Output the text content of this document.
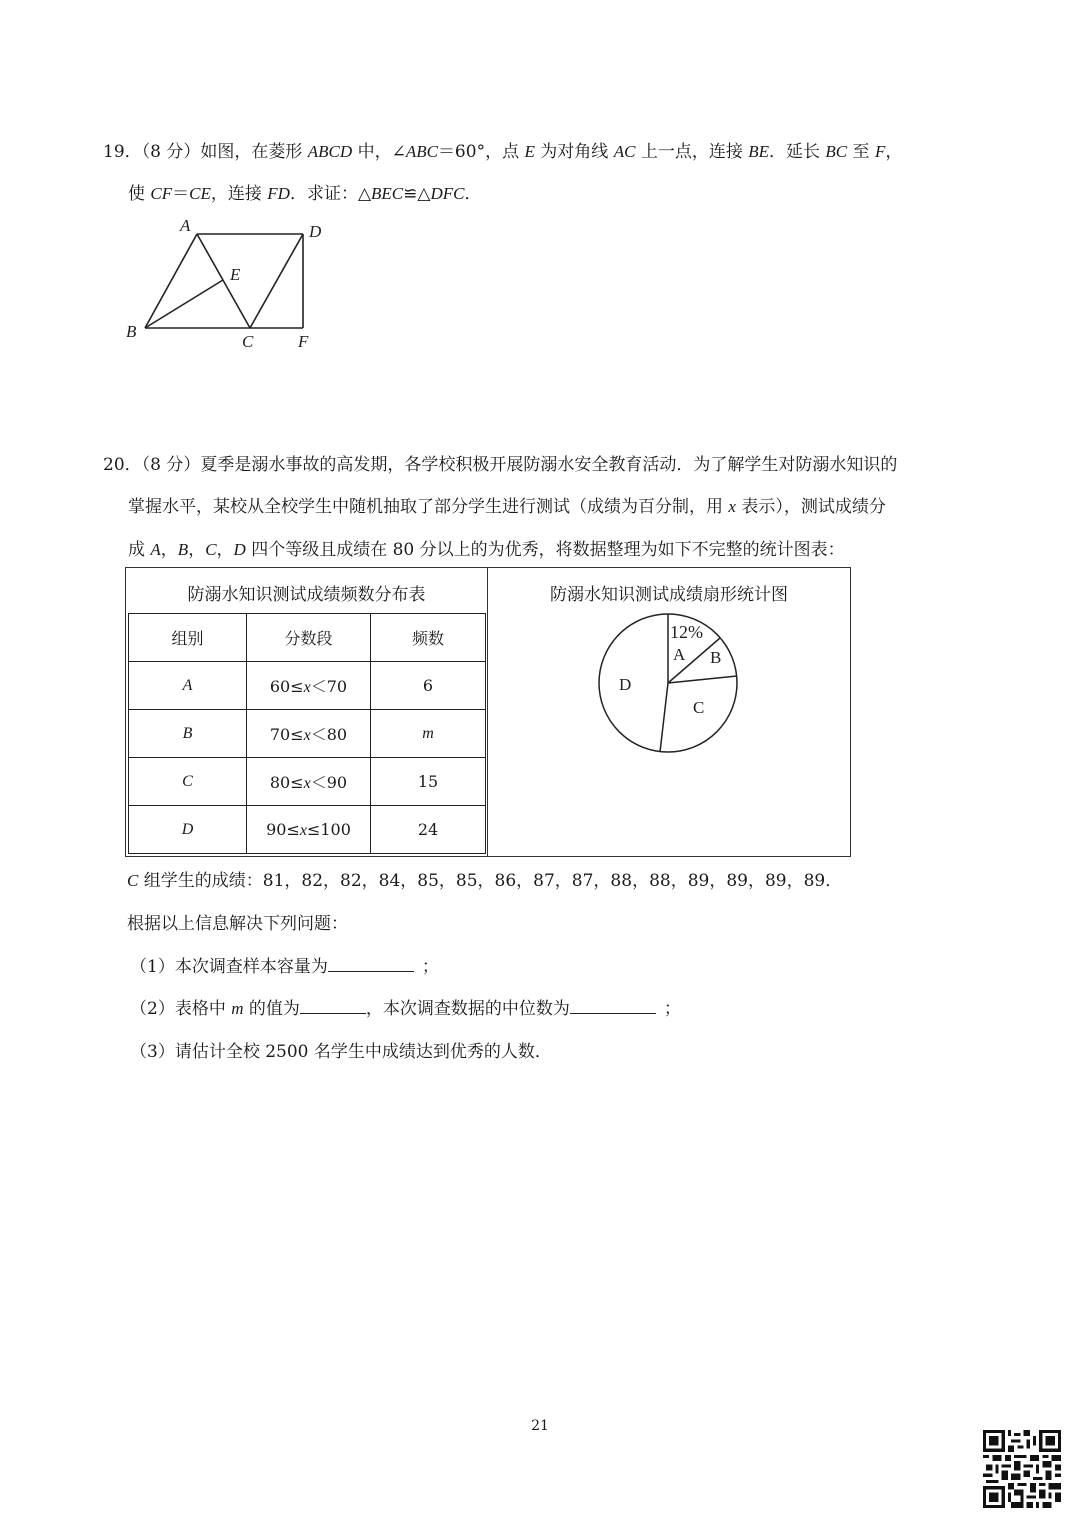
19．（8 分）如图，在菱形 ABCD 中，∠ABC＝60°，点 E 为对角线 AC 上一点，连接 BE．延长 BC 至 F，
使 CF＝CE，连接 FD．求证：△BEC≌△DFC．
A	D
E
B
C	F
20．（8 分）夏季是溺水事故的高发期，各学校积极开展防溺水安全教育活动．为了解学生对防溺水知识的
掌握水平，某校从全校学生中随机抽取了部分学生进行测试（成绩为百分制，用 x 表示），测试成绩分
成 A，B，C，D 四个等级且成绩在 80 分以上的为优秀，将数据整理为如下不完整的统计图表：
防溺水知识测试成绩频数分布表
组别	分数段	频数
A	60≤x＜70	6
B	70≤x＜80	m
C	80≤x＜90	15
D	90≤x≤100	24
防溺水知识测试成绩扇形统计图
12%
A B
C
D
C 组学生的成绩：81，82，82，84，85，85，86，87，87，88，88，89，89，89，89．
根据以上信息解决下列问题：
（1）本次调查样本容量为	；
（2）表格中 m 的值为	，本次调查数据的中位数为	；
（3）请估计全校 2500 名学生中成绩达到优秀的人数．
21
